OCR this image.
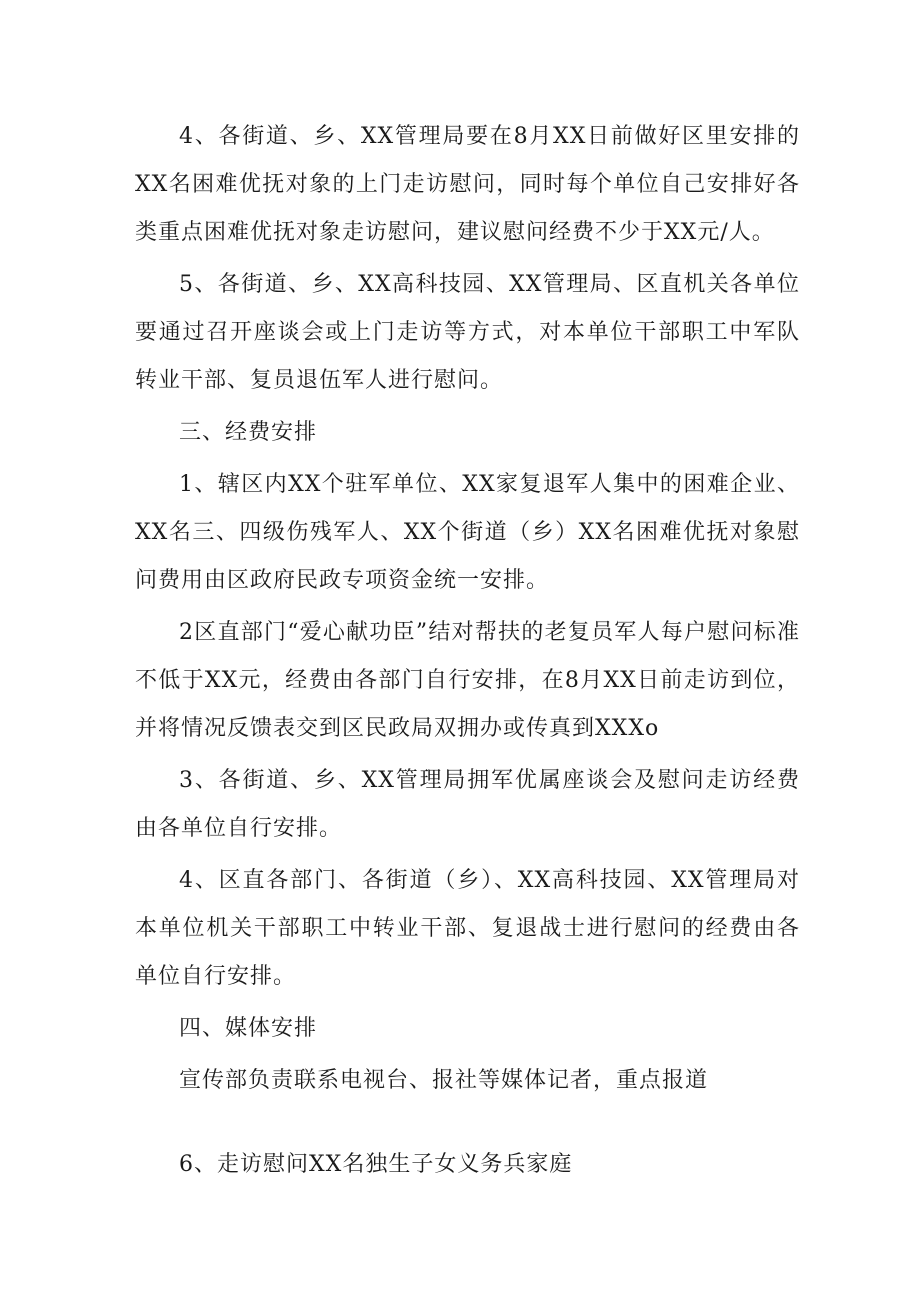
4、各街道、乡、XX管理局要在8月XX日前做好区里安排的XX名困难优抚对象的上门走访慰问，同时每个单位自己安排好各类重点困难优抚对象走访慰问，建议慰问经费不少于XX元/人。

5、各街道、乡、XX高科技园、XX管理局、区直机关各单位要通过召开座谈会或上门走访等方式，对本单位干部职工中军队转业干部、复员退伍军人进行慰问。

三、经费安排

1、辖区内XX个驻军单位、XX家复退军人集中的困难企业、XX名三、四级伤残军人、XX个街道（乡）XX名困难优抚对象慰问费用由区政府民政专项资金统一安排。

2区直部门“爱心献功臣”结对帮扶的老复员军人每户慰问标准不低于XX元，经费由各部门自行安排，在8月XX日前走访到位，并将情况反馈表交到区民政局双拥办或传真到XXXo

3、各街道、乡、XX管理局拥军优属座谈会及慰问走访经费由各单位自行安排。

4、区直各部门、各街道（乡）、XX高科技园、XX管理局对本单位机关干部职工中转业干部、复退战士进行慰问的经费由各单位自行安排。

四、媒体安排

宣传部负责联系电视台、报社等媒体记者，重点报道

6、走访慰问XX名独生子女义务兵家庭
